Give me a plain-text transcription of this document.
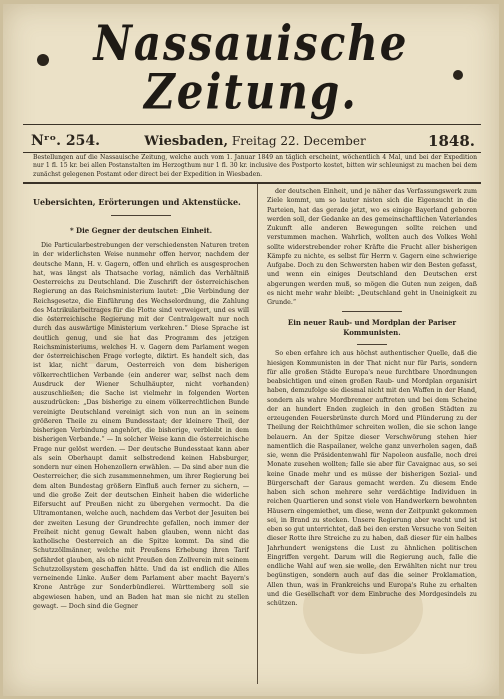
Nassauische Zeitung.
Nʳᵒ. 254.	Wiesbaden, Freitag 22. December	1848.
Bestellungen auf die Nassauische Zeitung, welche auch vom 1. Januar 1849 an täglich erscheint, wöchentlich 4 Mal, und bei der Expedition nur 1 fl. 15 kr. bei allen Postanstalten im Herzogthum nur 1 fl. 30 kr. inclusive des Postporto kostet, bitten wir schleunigst zu machen bei dem zunächst gelegenen Postamt oder direct bei der Expedition in Wiesbaden.
Uebersichten, Erörterungen und Aktenstücke.
* Die Gegner der deutschen Einheit.

Die Particularbestrebungen der verschiedensten Naturen treten in der widerlichsten Weise nunmehr offen hervor, nachdem der deutsche Mann, H. v. Gagern, offen und ehrlich es ausgesprochen hat, was längst als Thatsache vorlag, nämlich das Verhältniß Oesterreichs zu Deutschland. Die Zuschrift der österreichischen Regierung an das Reichsministerium lautet: „Die Verbindung der Reichsgesetze, die Einführung des Wechselordnung, die Zahlung des Matrikularbeitrages für die Flotte sind verweigert, und es will die österreichische Regierung mit der Centralgewalt nur noch durch das auswärtige Ministerium verkehren.“ Diese Sprache ist deutlich genug, und sie hat das Programm des jetzigen Reichsministeriums, welches H. v. Gagern dem Parlament wegen der österreichischen Frage vorlegte, diktirt. Es handelt sich, das ist klar, nicht darum, Oesterreich von dem bisherigen völkerrechtlichen Verbande (ein anderer war, selbst nach dem Ausdruck der Wiener Schulhäupter, nicht vorhanden) auszuschließen; die Sache ist vielmehr in folgenden Worten auszudrücken: „Das bisherige zu einem völkerrechtlichen Bunde vereinigte Deutschland vereinigt sich von nun an in seinem größeren Theile zu einem Bundesstaat; der kleinere Theil, der bisherigen Verbindung angehört, die bisherige, verbleibt in dem bisherigen Verbande.“ — In solcher Weise kann die österreichische Frage nur gelöst werden. — Der deutsche Bundesstaat kann aber als sein Oberhaupt damit selbstredend keinen Habsburger, sondern nur einen Hohenzollern erwählen. — Da sind aber nun die Oesterreicher, die sich zusammennehmen, um ihrer Regierung bei dem alten Bundestag größern Einfluß auch ferner zu sichern, — und die große Zeit der deutschen Einheit haben die widerliche Eifersucht auf Preußen nicht zu übergehen vermocht. Da die Ultramontanen, welche auch, nachdem das Verbot der Jesuiten bei der zweiten Lesung der Grundrechte gefallen, noch immer der Freiheit nicht genug Gewalt haben glauben, wenn nicht das katholische Oesterreich an die Spitze kommt. Da sind die Schutzzöllmänner, welche mit Preußens Erhebung ihren Tarif gefährdet glauben, als ob nicht Preußen den Zollverein mit seinem Schutzzollsystem geschaffen hätte. Und da ist endlich die Alles verneinende Linke. Außer dem Parlament aber macht Bayern's Krone Anträge zur Sonderbündlerei. Württemberg soll sie abgewiesen haben, und an Baden hat man sie nicht zu stellen gewagt. — Doch sind die Gegner

der deutschen Einheit, und je näher das Verfassungswerk zum Ziele kommt, um so lauter nisten sich die Eigensucht in die Parteien, hat das gerade jetzt, wo es einige Bayerland geboren werden soll, der Gedanke an des gemeinschaftlichen Vaterlandes Zukunft alle anderen Bewegungen sollte reichen und verstummen machen. Wahrlich, wollten auch des Volkes Wohl sollte widerstrebender roher Kräfte die Frucht aller bisherigen Kämpfe zu nichte, es selbst für Herrn v. Gagern eine schwierige Aufgabe. Doch zu den Schwersten haben wir den Besten gefasst, und wenn ein einiges Deutschland den Deutschen erst abgerungen werden muß, so mögen die Guten nun zeigen, daß es nicht mehr wahr bleibt: „Deutschland geht in Uneinigkeit zu Grunde.“

Ein neuer Raub- und Mordplan der Pariser Kommunisten.

So eben erfahre ich aus höchst authentischer Quelle, daß die hiesigen Kommunisten in der That nicht nur für Paris, sondern für alle großen Städte Europa's neue furchtbare Unordnungen beabsichtigen und einen großen Raub- und Mordplan organisirt haben, demzufolge sie diesmal nicht mit den Waffen in der Hand, sondern als wahre Mordbrenner auftreten und bei dem Scheine der an hundert Enden zugleich in den großen Städten zu erzeugenden Feuersbrünste durch Mord und Plünderung zu der Theilung der Reichthümer schreiten wollen, die sie schon lange belauern. An der Spitze dieser Verschwörung stehen hier namentlich die Raspailaner, welche ganz unverholen sagen, daß sie, wenn die Präsidentenwahl für Napoleon ausfalle, noch drei Monate zusehen wollten; falle sie aber für Cavaignac aus, so sei keine Gnade mehr und es müsse der bisherigen Sozial- und Bürgerschaft der Garaus gemacht werden. Zu diesem Ende haben sich schon mehrere sehr verdächtige Individuen in reichen Quartieren und sonst viele von Handwerkern bewohnten Häusern eingemiethet, um diese, wenn der Zeitpunkt gekommen sei, in Brand zu stecken. Unsere Regierung aber wacht und ist eben so gut unterrichtet, daß bei den ersten Versuche von Seiten dieser Rotte ihre Streiche zu zu haben, daß dieser für ein halbes Jahrhundert wenigstens die Lust zu ähnlichen politischen Eingriffen vergeht. Darum will die Regierung auch, falle die endliche Wahl auf wen sie wolle, den Erwählten nicht nur treu begünstigen, sondern auch auf das die seiner Proklamation, Allen thun, was in Frankreichs und Europa's Ruhe zu erhalten und die Gesellschaft vor dem Einbruche des Mordgesindels zu schützen.
